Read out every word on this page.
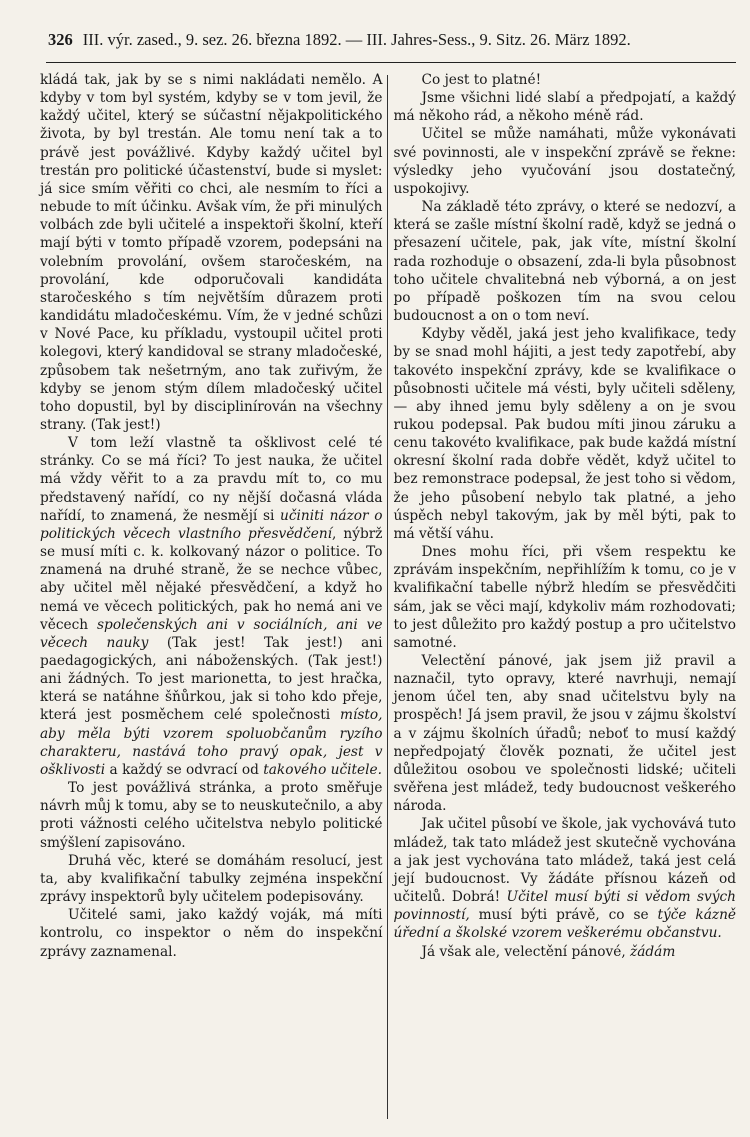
326 III. výr. zased., 9. sez. 26. března 1892. — III. Jahres-Sess., 9. Sitz. 26. März 1892.

kládá tak, jak by se s nimi nakládati nemělo. A kdyby v tom byl systém, kdyby se v tom jevil, že každý učitel, který se súčastní nějakpolitického života, by byl trestán. Ale tomu není tak a to právě jest povážlivé. Kdyby každý učitel byl trestán pro politické účastenství, bude si myslet: já sice smím věřiti co chci, ale nesmím to říci a nebude to mít účinku. Avšak vím, že při minulých volbách zde byli učitelé a inspektoři školní, kteří mají býti v tomto případě vzorem, podepsáni na volebním provolání, ovšem staročeském, na provolání, kde odporučovali kandidáta staročeského s tím největším důrazem proti kandidátu mladočeskému. Vím, že v jedné schůzi v Nové Pace, ku příkladu, vystoupil učitel proti kolegovi, který kandidoval se strany mladočeské, způsobem tak nešetrným, ano tak zuřivým, že kdyby se jenom stým dílem mladočeský učitel toho dopustil, byl by disciplinírován na všechny strany. (Tak jest!)

V tom leží vlastně ta ošklivost celé té stránky. Co se má říci? To jest nauka, že učitel má vždy věřit to a za pravdu mít to, co mu představený nařídí, co ny nější dočasná vláda nařídí, to znamená, že nesmějí si učiniti názor o politických věcech vlastního přesvědčení, nýbrž se musí míti c. k. kolkovaný názor o politice. To znamená na druhé straně, že se nechce vůbec, aby učitel měl nějaké přesvědčení, a když ho nemá ve věcech politických, pak ho nemá ani ve věcech společenských ani v sociálních, ani ve věcech nauky (Tak jest! Tak jest!) ani paedagogických, ani náboženských. (Tak jest!) ani žádných. To jest marionetta, to jest hračka, která se natáhne šňůrkou, jak si toho kdo přeje, která jest posměchem celé společnosti místo, aby měla býti vzorem spoluobčanům ryzího charakteru, nastává toho pravý opak, jest v ošklivosti a každý se odvrací od takového učitele.

To jest povážlivá stránka, a proto směřuje návrh můj k tomu, aby se to neuskutečnilo, a aby proti vážnosti celého učitelstva nebylo politické smýšlení zapisováno.

Druhá věc, které se domáhám resolucí, jest ta, aby kvalifikační tabulky zejména inspekční zprávy inspektorů byly učitelem podepisovány.

Učitelé sami, jako každý voják, má míti kontrolu, co inspektor o něm do inspekční zprávy zaznamenal.

Co jest to platné!

Jsme všichni lidé slabí a předpojatí, a každý má někoho rád, a někoho méně rád.

Učitel se může namáhati, může vykonávati své povinnosti, ale v inspekční zprávě se řekne: výsledky jeho vyučování jsou dostatečný, uspokojivy.

Na základě této zprávy, o které se nedozví, a která se zašle místní školní radě, když se jedná o přesazení učitele, pak, jak víte, místní školní rada rozhoduje o obsazení, zda-li byla působnost toho učitele chvalitebná neb výborná, a on jest po případě poškozen tím na svou celou budoucnost a on o tom neví.

Kdyby věděl, jaká jest jeho kvalifikace, tedy by se snad mohl hájiti, a jest tedy zapotřebí, aby takovéto inspekční zprávy, kde se kvalifikace o působnosti učitele má vésti, byly učiteli sděleny, — aby ihned jemu byly sděleny a on je svou rukou podepsal. Pak budou míti jinou záruku a cenu takovéto kvalifikace, pak bude každá místní okresní školní rada dobře vědět, když učitel to bez remonstrace podepsal, že jest toho si vědom, že jeho působení nebylo tak platné, a jeho úspěch nebyl takovým, jak by měl býti, pak to má větší váhu.

Dnes mohu říci, při všem respektu ke zprávám inspekčním, nepřihlížím k tomu, co je v kvalifikační tabelle nýbrž hledím se přesvědčiti sám, jak se věci mají, kdykoliv mám rozhodovati; to jest důležito pro každý postup a pro učitelstvo samotné.

Velectění pánové, jak jsem již pravil a naznačil, tyto opravy, které navrhuji, nemají jenom účel ten, aby snad učitelstvu byly na prospěch! Já jsem pravil, že jsou v zájmu školství a v zájmu školních úřadů; neboť to musí každý nepředpojatý člověk poznati, že učitel jest důležitou osobou ve společnosti lidské; učiteli svěřena jest mládež, tedy budoucnost veškerého národa.

Jak učitel působí ve škole, jak vychovává tuto mládež, tak tato mládež jest skutečně vychována a jak jest vychována tato mládež, taká jest celá její budoucnost. Vy žádáte přísnou kázeň od učitelů. Dobrá! Učitel musí býti si vědom svých povinností, musí býti právě, co se týče kázně úřední a školské vzorem veškerému občanstvu.

Já však ale, velectění pánové, žádám
